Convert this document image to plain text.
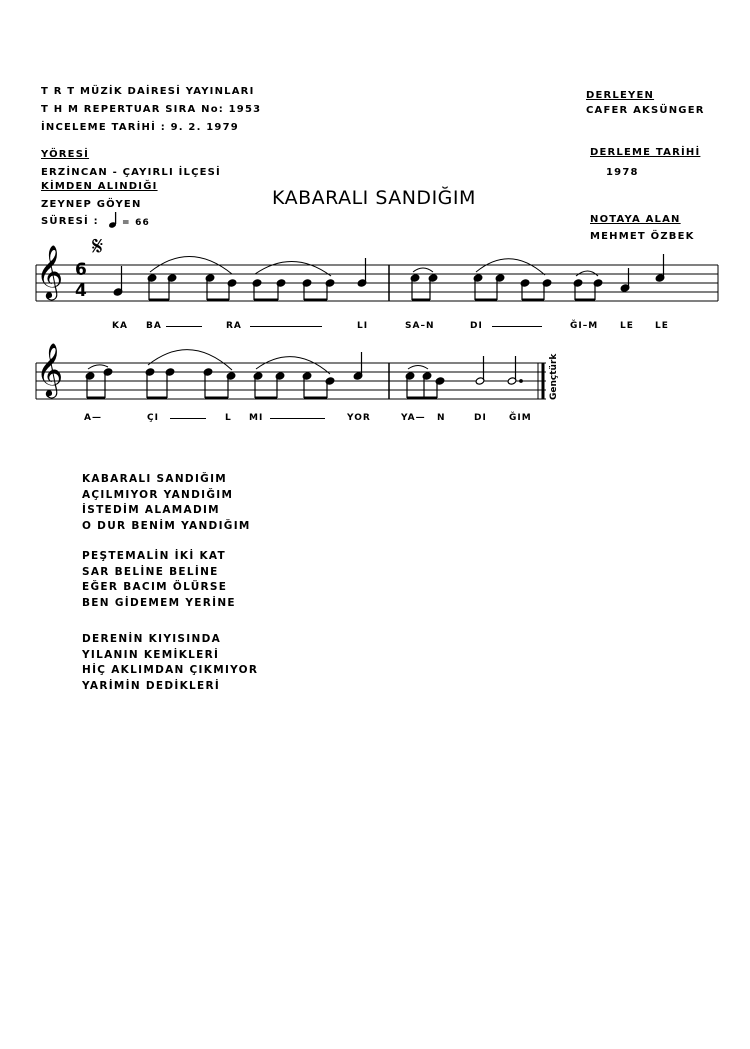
T R T MÜZİK DAİRESİ YAYINLARI
T H M REPERTUAR SIRA No: 1953
İNCELEME TARİHİ : 9. 2. 1979
YÖRESİ
ERZİNCAN - ÇAYIRLI İLÇESİ
KİMDEN ALINDIĞI
ZEYNEP GÖYEN
SÜRESİ :	= 66
DERLEYEN
CAFER AKSÜNGER
DERLEME TARİHİ
1978
NOTAYA ALAN
MEHMET ÖZBEK
KABARALI SANDIĞIM
𝄞
𝄞
𝄋
6
4
KA BA	RA	LI	SA–N	DI	ĞI–M LE LE
A—	ÇI	L MI	YOR	YA— N	DI ĞIM
Gençtürk
KABARALI SANDIĞIM
AÇILMIYOR YANDIĞIM
İSTEDİM ALAMADIM
O DUR BENİM YANDIĞIM
PEŞTEMALİN İKİ KAT
SAR BELİNE BELİNE
EĞER BACIM ÖLÜRSE
BEN GİDEMEM YERİNE
DERENİN KIYISINDA
YILANIN KEMİKLERİ
HİÇ AKLIMDAN ÇIKMIYOR
YARİMİN DEDİKLERİ
